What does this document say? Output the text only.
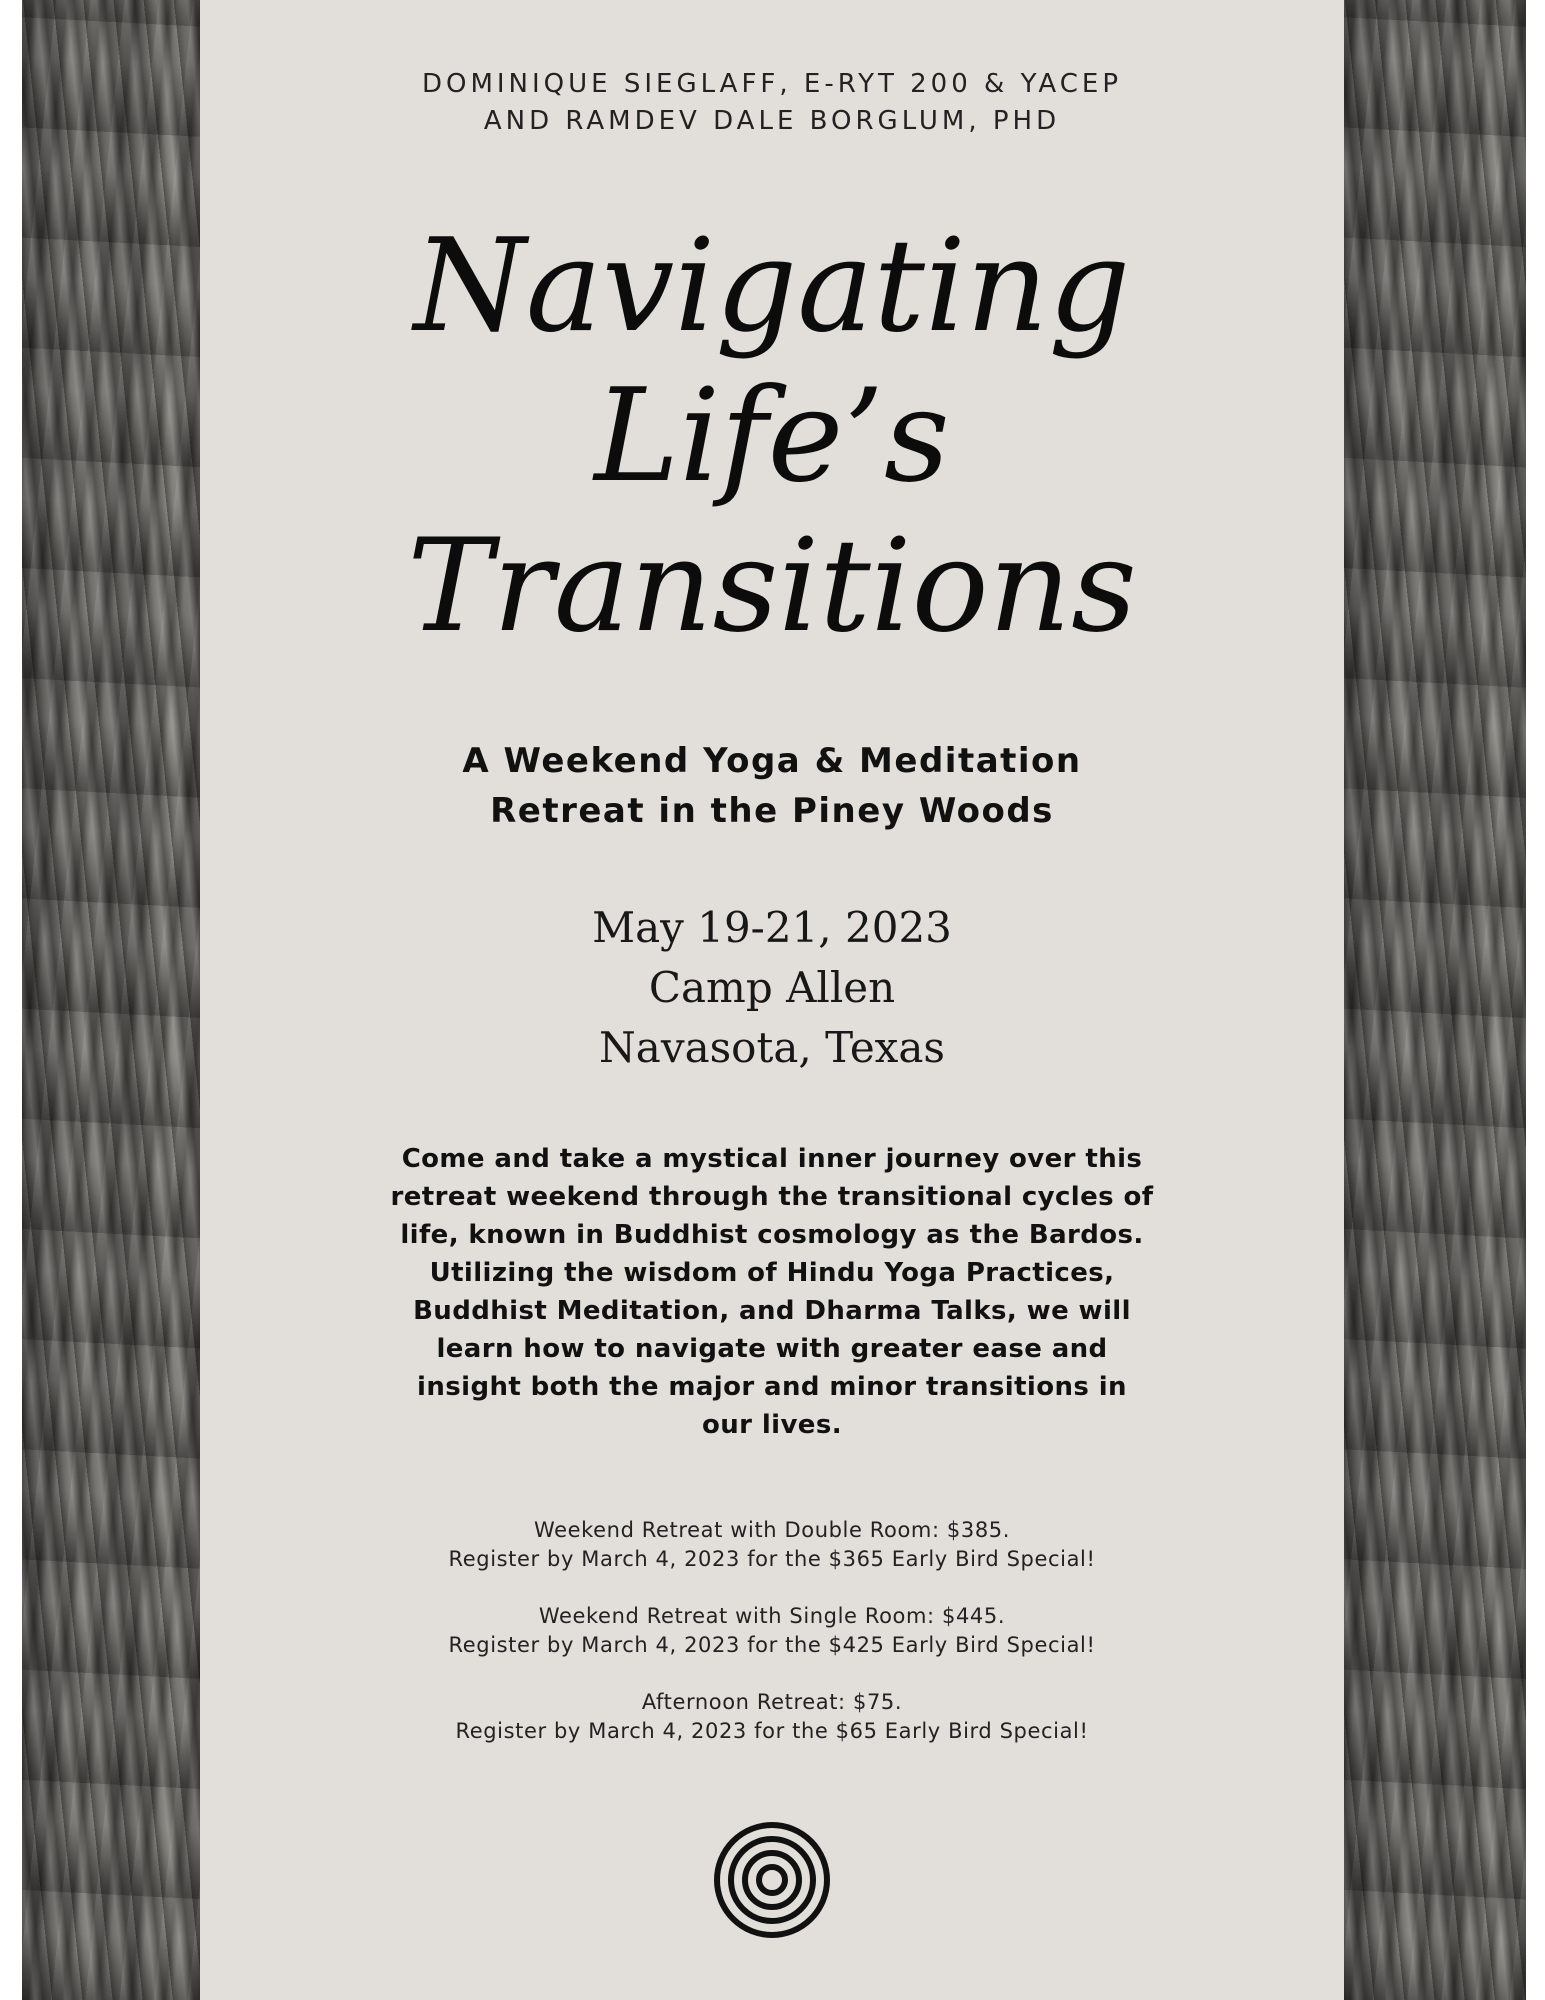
DOMINIQUE SIEGLAFF, E-RYT 200 & YACEP
AND RAMDEV DALE BORGLUM, PHD
Navigating
Life’s
Transitions
A Weekend Yoga & Meditation
Retreat in the Piney Woods
May 19-21, 2023
Camp Allen
Navasota, Texas
Come and take a mystical inner journey over this retreat weekend through the transitional cycles of life, known in Buddhist cosmology as the Bardos. Utilizing the wisdom of Hindu Yoga Practices, Buddhist Meditation, and Dharma Talks, we will learn how to navigate with greater ease and insight both the major and minor transitions in our lives.
Weekend Retreat with Double Room: $385.
Register by March 4, 2023 for the $365 Early Bird Special!
Weekend Retreat with Single Room: $445.
Register by March 4, 2023 for the $425 Early Bird Special!
Afternoon Retreat: $75.
Register by March 4, 2023 for the $65 Early Bird Special!
